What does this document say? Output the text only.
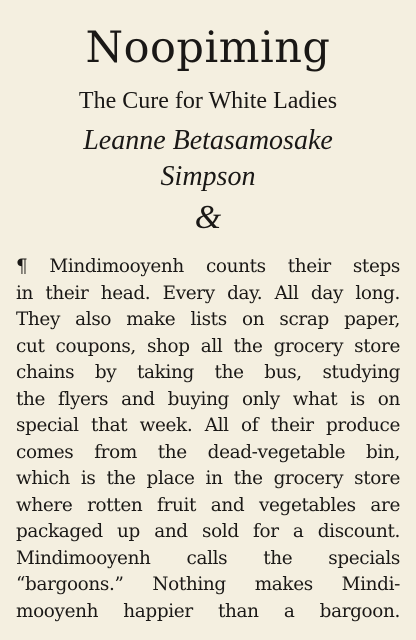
Noopiming
The Cure for White Ladies
Leanne Betasamosake
Simpson
&
¶ Mindimooyenh counts their steps
in their head. Every day. All day long.
They also make lists on scrap paper,
cut coupons, shop all the grocery store
chains by taking the bus, studying
the flyers and buying only what is on
special that week. All of their produce
comes from the dead-vegetable bin,
which is the place in the grocery store
where rotten fruit and vegetables are
packaged up and sold for a discount.
Mindimooyenh calls the specials
“bargoons.” Nothing makes Mindi-
mooyenh happier than a bargoon.
